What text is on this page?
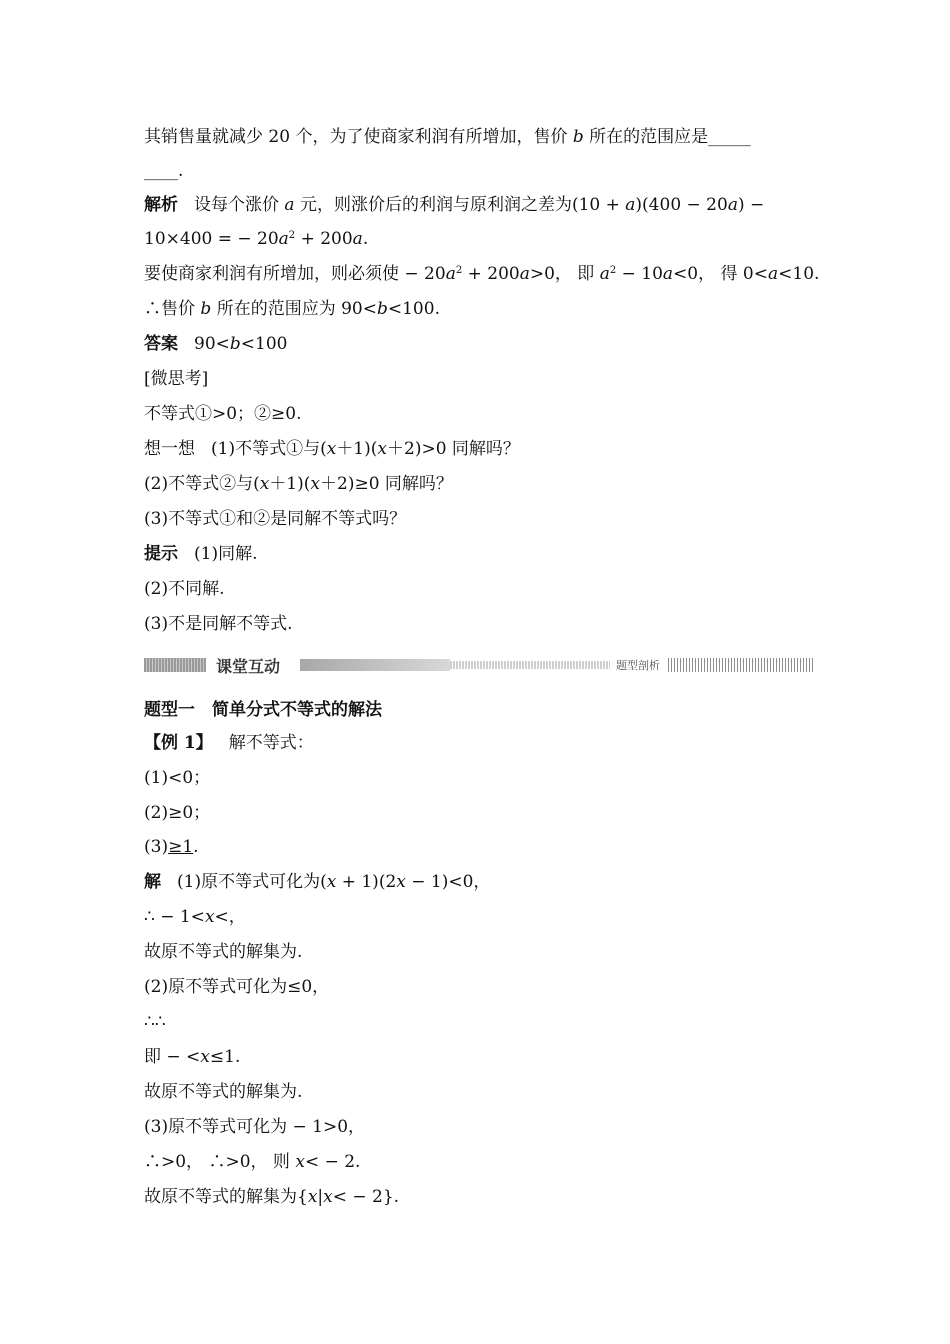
其销售量就减少 20 个，为了使商家利润有所增加，售价 b 所在的范围应是_____
____.
解析 设每个涨价 a 元，则涨价后的利润与原利润之差为(10 + a)(400 − 20a) −
10×400 = − $20a^2 + 200a$.
要使商家利润有所增加，则必须使 − $20a^2 + 200a>0$， 即 $a^2 - 10a<0$， 得 0<a<10.
∴售价 b 所在的范围应为 90<b<100.
答案 90<b<100
[微思考]
不等式①>0；②≥0.
想一想 (1)不等式①与(x＋1)(x＋2)>0 同解吗？
(2)不等式②与(x＋1)(x＋2)≥0 同解吗？
(3)不等式①和②是同解不等式吗？
提示 (1)同解.
(2)不同解.
(3)不是同解不等式.
课堂互动	题型剖析
题型一　简单分式不等式的解法
【例 1】 解不等式：
(1)<0；
(2)≥0；
(3)≥1.
解 (1)原不等式可化为(x + 1)(2x − 1)<0，
∴ − 1<x<，
故原不等式的解集为.
(2)原不等式可化为≤0，
∴∴
即 − <x≤1.
故原不等式的解集为.
(3)原不等式可化为 − 1>0，
∴>0， ∴>0， 则 x< − 2.
故原不等式的解集为{x|x< − 2}.
